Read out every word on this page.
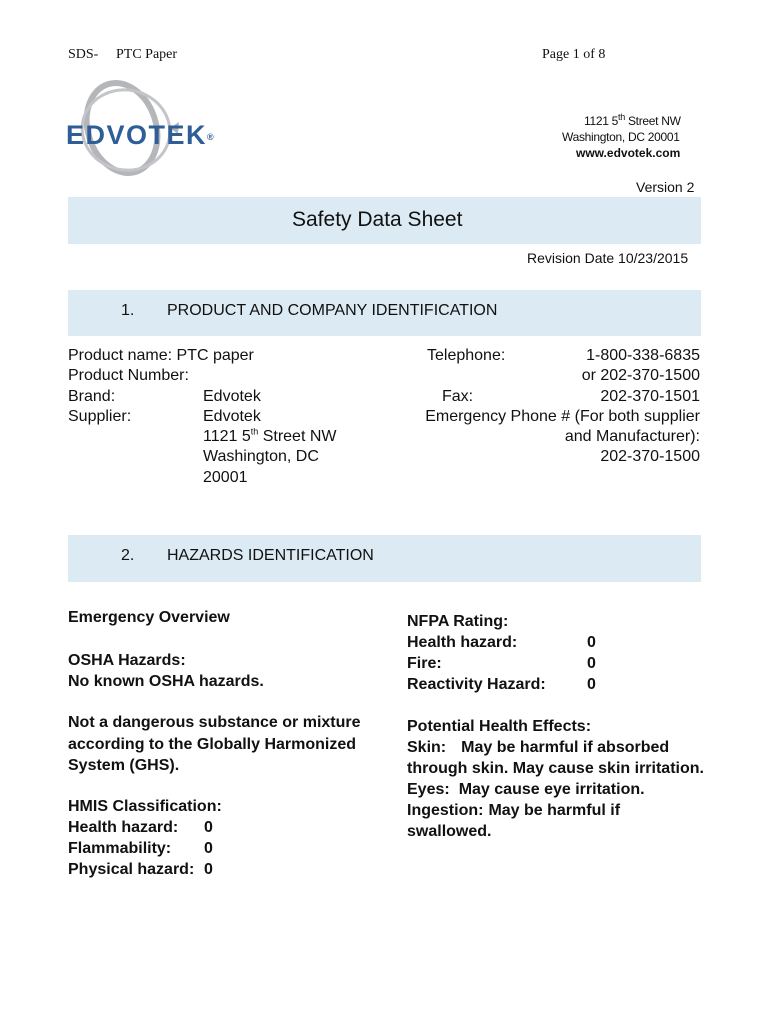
SDS- PTC Paper	Page 1 of 8
EDVOTEK®
1121 5th Street NW
Washington, DC 20001
www.edvotek.com
Version 2
Safety Data Sheet
Revision Date 10/23/2015
1. PRODUCT AND COMPANY IDENTIFICATION
Product name: PTC paper
Product Number:
Brand:	Edvotek
Supplier:	Edvotek
1121 5th Street NW
Washington, DC
20001
Telephone:	1-800-338-6835
or 202-370-1500
Fax:	202-370-1501
Emergency Phone # (For both supplier
and Manufacturer):
202-370-1500
2. HAZARDS IDENTIFICATION
Emergency Overview
OSHA Hazards:
No known OSHA hazards.
Not a dangerous substance or mixture
according to the Globally Harmonized
System (GHS).
HMIS Classification:
Health hazard: 0
Flammability: 0
Physical hazard: 0
NFPA Rating:
Health hazard:	0
Fire:	0
Reactivity Hazard:	0
Potential Health Effects:
Skin: May be harmful if absorbed
through skin. May cause skin irritation.
Eyes: May cause eye irritation.
Ingestion: May be harmful if
swallowed.
